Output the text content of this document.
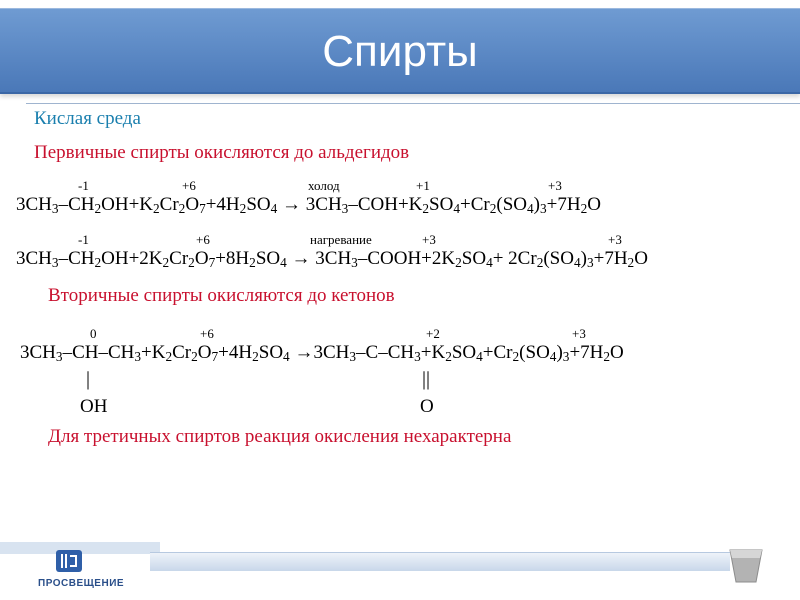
Спирты
Кислая среда
Первичные спирты окисляются до альдегидов
-1	+6	холод	+1	+3
$3CH_3-CH_2OH+K_2Cr_2O_7+4H_2SO_4 \to 3CH_3-COH+K_2SO_4+Cr_2(SO_4)_3+7H_2O$
-1	+6	нагревание	+3	+3
$3CH_3-CH_2OH+2K_2Cr_2O_7+8H_2SO_4$ → $3CH_3-COOH+2K_2SO_4+ 2Cr_2(SO_4)_3+7H_2O$
Вторичные спирты окисляются до кетонов
0	+6	+2	+3
$3CH_3-CH-CH_3+K_2Cr_2O_7+4H_2SO_4 \to 3CH_3-C-CH_3+K_2SO_4+Cr_2(SO_4)_3+7H_2O$
|	||
OH	O
Для третичных спиртов реакция окисления нехарактерна
ПРОСВЕЩЕНИЕ
